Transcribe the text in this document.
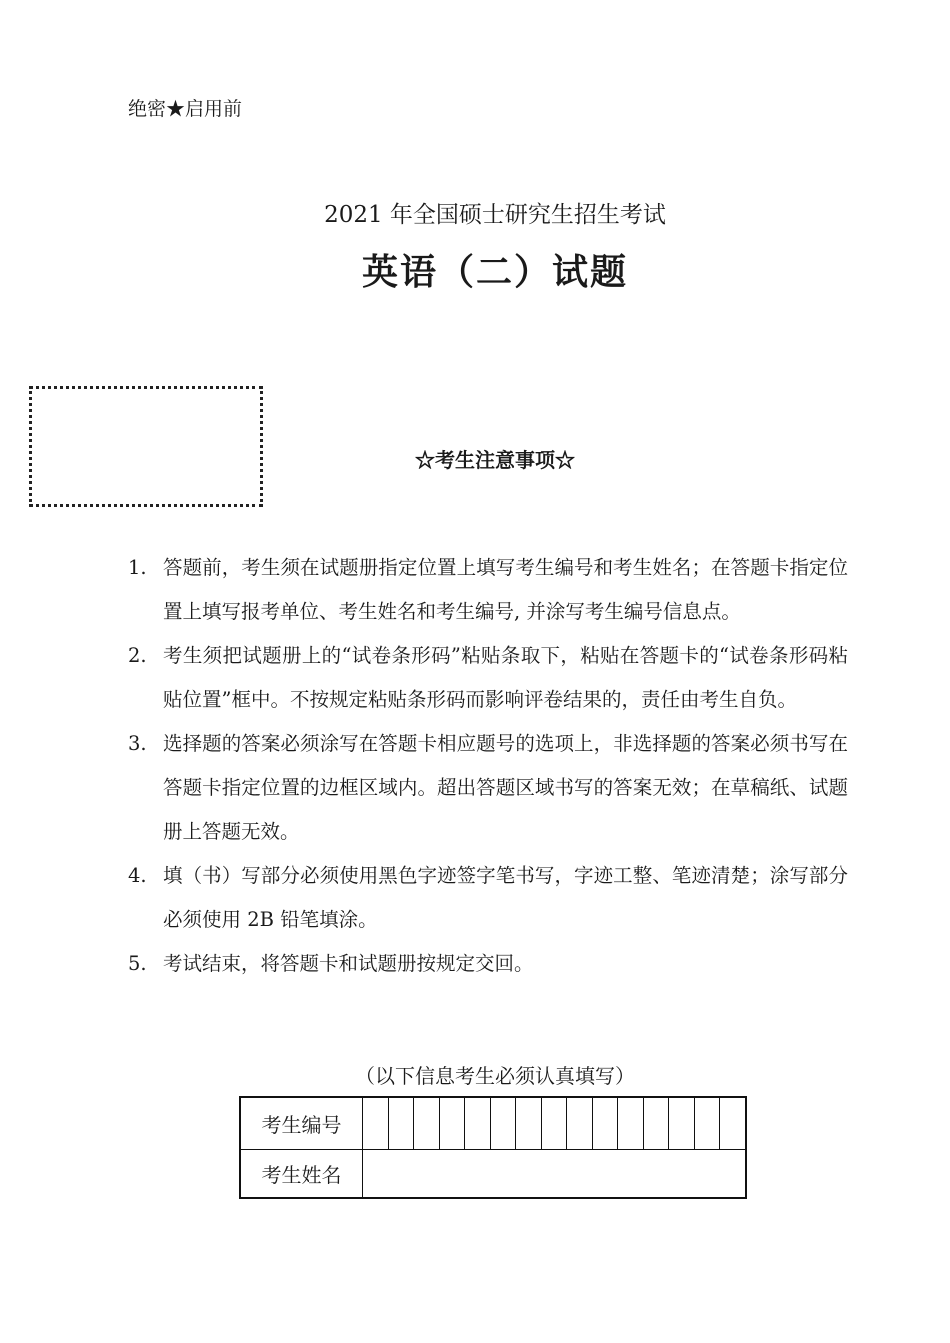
绝密★启用前
2021 年全国硕士研究生招生考试
英语（二）试题
☆考生注意事项☆
1. 答题前，考生须在试题册指定位置上填写考生编号和考生姓名；在答题卡指定位置上填写报考单位、考生姓名和考生编号, 并涂写考生编号信息点。
2. 考生须把试题册上的“试卷条形码”粘贴条取下，粘贴在答题卡的“试卷条形码粘贴位置”框中。不按规定粘贴条形码而影响评卷结果的，责任由考生自负。
3. 选择题的答案必须涂写在答题卡相应题号的选项上，非选择题的答案必须书写在答题卡指定位置的边框区域内。超出答题区域书写的答案无效；在草稿纸、试题册上答题无效。
4. 填（书）写部分必须使用黑色字迹签字笔书写，字迹工整、笔迹清楚；涂写部分必须使用 2B 铅笔填涂。
5. 考试结束，将答题卡和试题册按规定交回。
（以下信息考生必须认真填写）
考生编号
考生姓名
